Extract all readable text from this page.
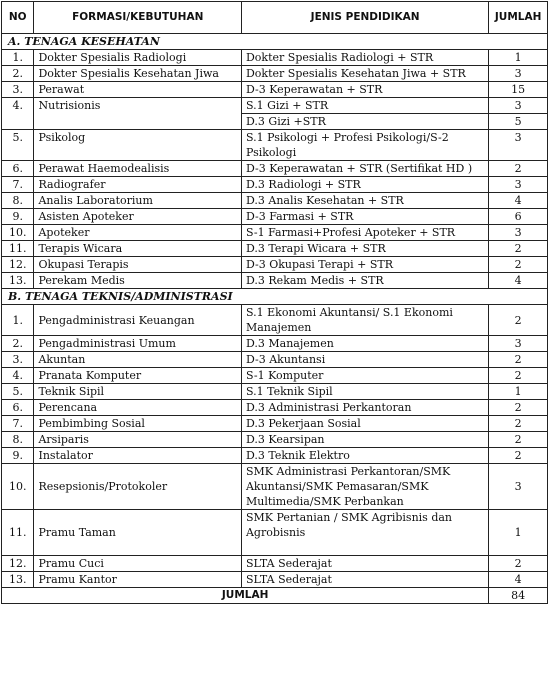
NO	FORMASI/KEBUTUHAN	JENIS PENDIDIKAN	JUMLAH
A. TENAGA KESEHATAN			
1.	Dokter Spesialis Radiologi	Dokter Spesialis Radiologi + STR	1
2.	Dokter Spesialis Kesehatan Jiwa	Dokter Spesialis Kesehatan Jiwa + STR	3
3.	Perawat	D-3 Keperawatan + STR	15
4.	Nutrisionis	S.1 Gizi + STR	3
		D.3 Gizi +STR	5
5.	Psikolog	S.1 Psikologi + Profesi Psikologi/S-2 Psikologi	3
6.	Perawat Haemodealisis	D-3 Keperawatan + STR (Sertifikat HD )	2
7.	Radiografer	D.3 Radiologi + STR	3
8.	Analis Laboratorium	D.3 Analis Kesehatan + STR	4
9.	Asisten Apoteker	D-3 Farmasi + STR	6
10.	Apoteker	S-1 Farmasi+Profesi Apoteker + STR	3
11.	Terapis Wicara	D.3 Terapi Wicara + STR	2
12.	Okupasi Terapis	D-3 Okupasi Terapi + STR	2
13.	Perekam Medis	D.3 Rekam Medis + STR	4
B. TENAGA TEKNIS/ADMINISTRASI			
1.	Pengadministrasi Keuangan	S.1 Ekonomi Akuntansi/ S.1 Ekonomi Manajemen	2
2.	Pengadministrasi Umum	D.3 Manajemen	3
3.	Akuntan	D-3 Akuntansi	2
4.	Pranata Komputer	S-1 Komputer	2
5.	Teknik Sipil	S.1 Teknik Sipil	1
6.	Perencana	D.3 Administrasi Perkantoran	2
7.	Pembimbing Sosial	D.3 Pekerjaan Sosial	2
8.	Arsiparis	D.3 Kearsipan	2
9.	Instalator	D.3 Teknik Elektro	2
10.	Resepsionis/Protokoler	SMK Administrasi Perkantoran/SMK Akuntansi/SMK Pemasaran/SMK Multimedia/SMK Perbankan	3
11.	Pramu Taman	SMK Pertanian / SMK Agribisnis dan Agrobisnis	1
12.	Pramu Cuci	SLTA Sederajat	2
13.	Pramu Kantor	SLTA Sederajat	4
JUMLAH			84
